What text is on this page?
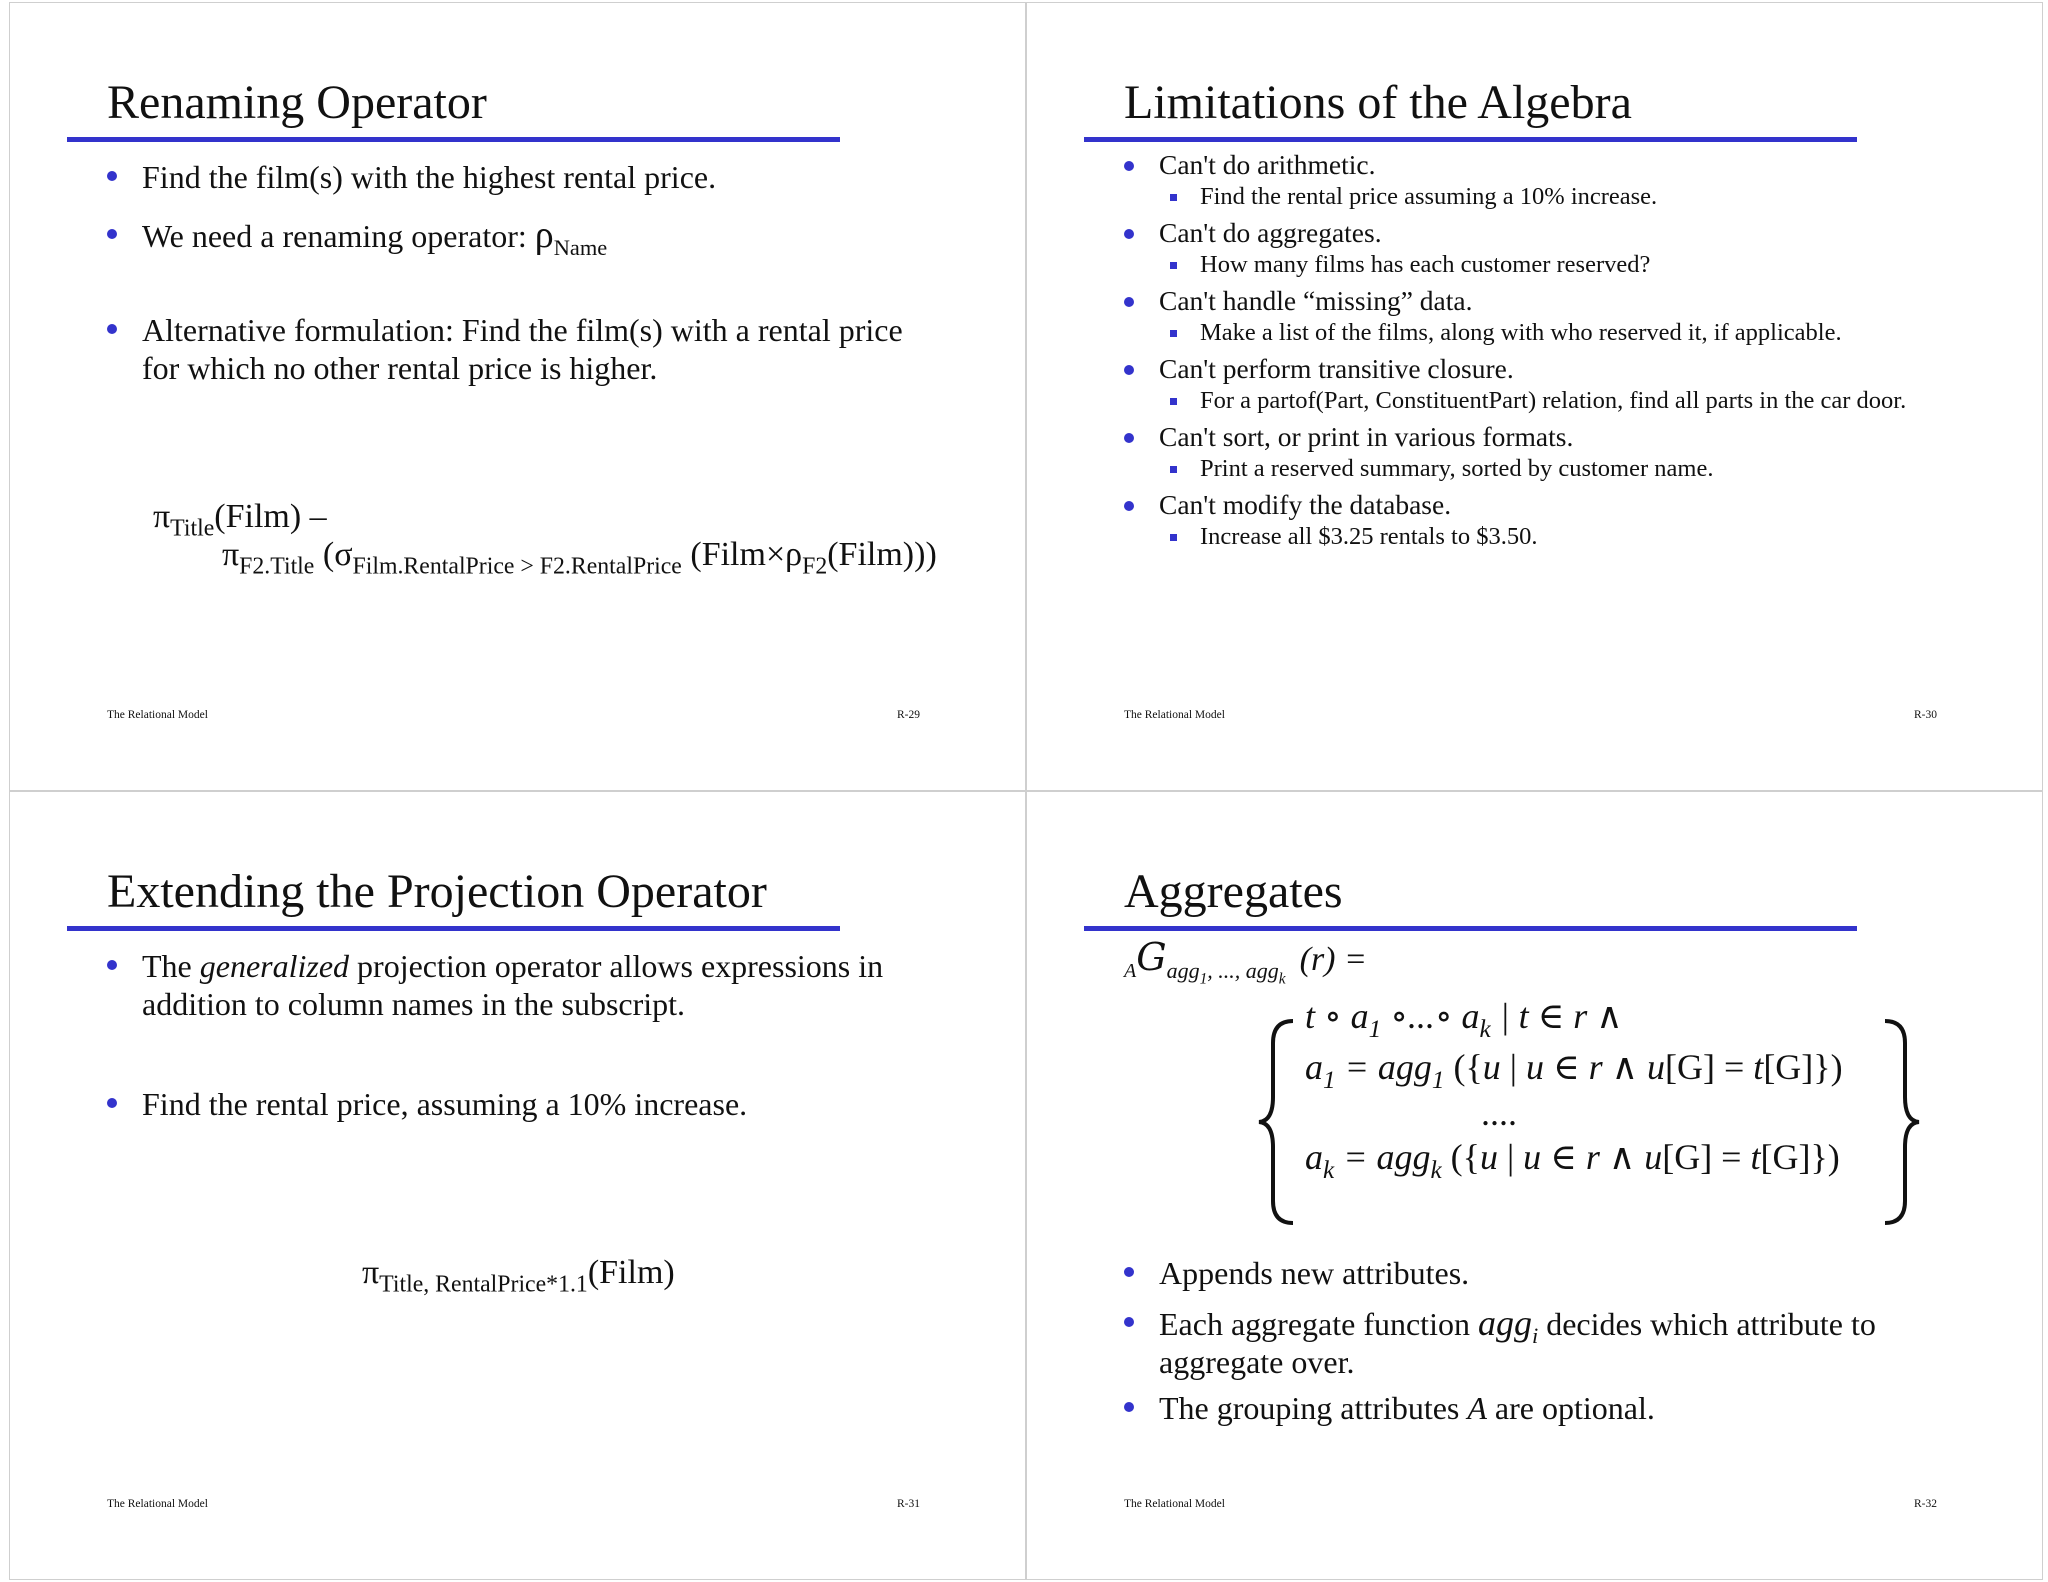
Renaming Operator
Find the film(s) with the highest rental price.
We need a renaming operator: $\rho_{Name}$
Alternative formulation: Find the film(s) with a rental price for which no other rental price is higher.
$\pi_{Title}(Film)$ –
$\pi_{F2.Title}$ ($\sigma_{Film.RentalPrice > F2.RentalPrice}$ $(Film\times\rho_{F2}(Film))$)
The Relational Model	R-29
Limitations of the Algebra
Can't do arithmetic.
Find the rental price assuming a 10% increase.
Can't do aggregates.
How many films has each customer reserved?
Can't handle “missing” data.
Make a list of the films, along with who reserved it, if applicable.
Can't perform transitive closure.
For a partof(Part, ConstituentPart) relation, find all parts in the car door.
Can't sort, or print in various formats.
Print a reserved summary, sorted by customer name.
Can't modify the database.
Increase all $3.25 rentals to $3.50.
The Relational Model	R-30
Extending the Projection Operator
The generalized projection operator allows expressions in addition to column names in the subscript.
Find the rental price, assuming a 10% increase.
$\pi_{Title, RentalPrice*1.1}(Film)$
The Relational Model	R-31
Aggregates
$_AG_{agg_1, ..., agg_k}(r)$ =
t ∘ $a_1$ ∘...∘ $a_k$ | t ∈ r ∧
$a_1 = agg_1$ ({u | u ∈ r ∧ u[G] = t[G]})
....
$a_k = agg_k$ ({u | u ∈ r ∧ u[G] = t[G]})
Appends new attributes.
Each aggregate function agg$_i$ decides which attribute to aggregate over.
The grouping attributes A are optional.
The Relational Model	R-32
